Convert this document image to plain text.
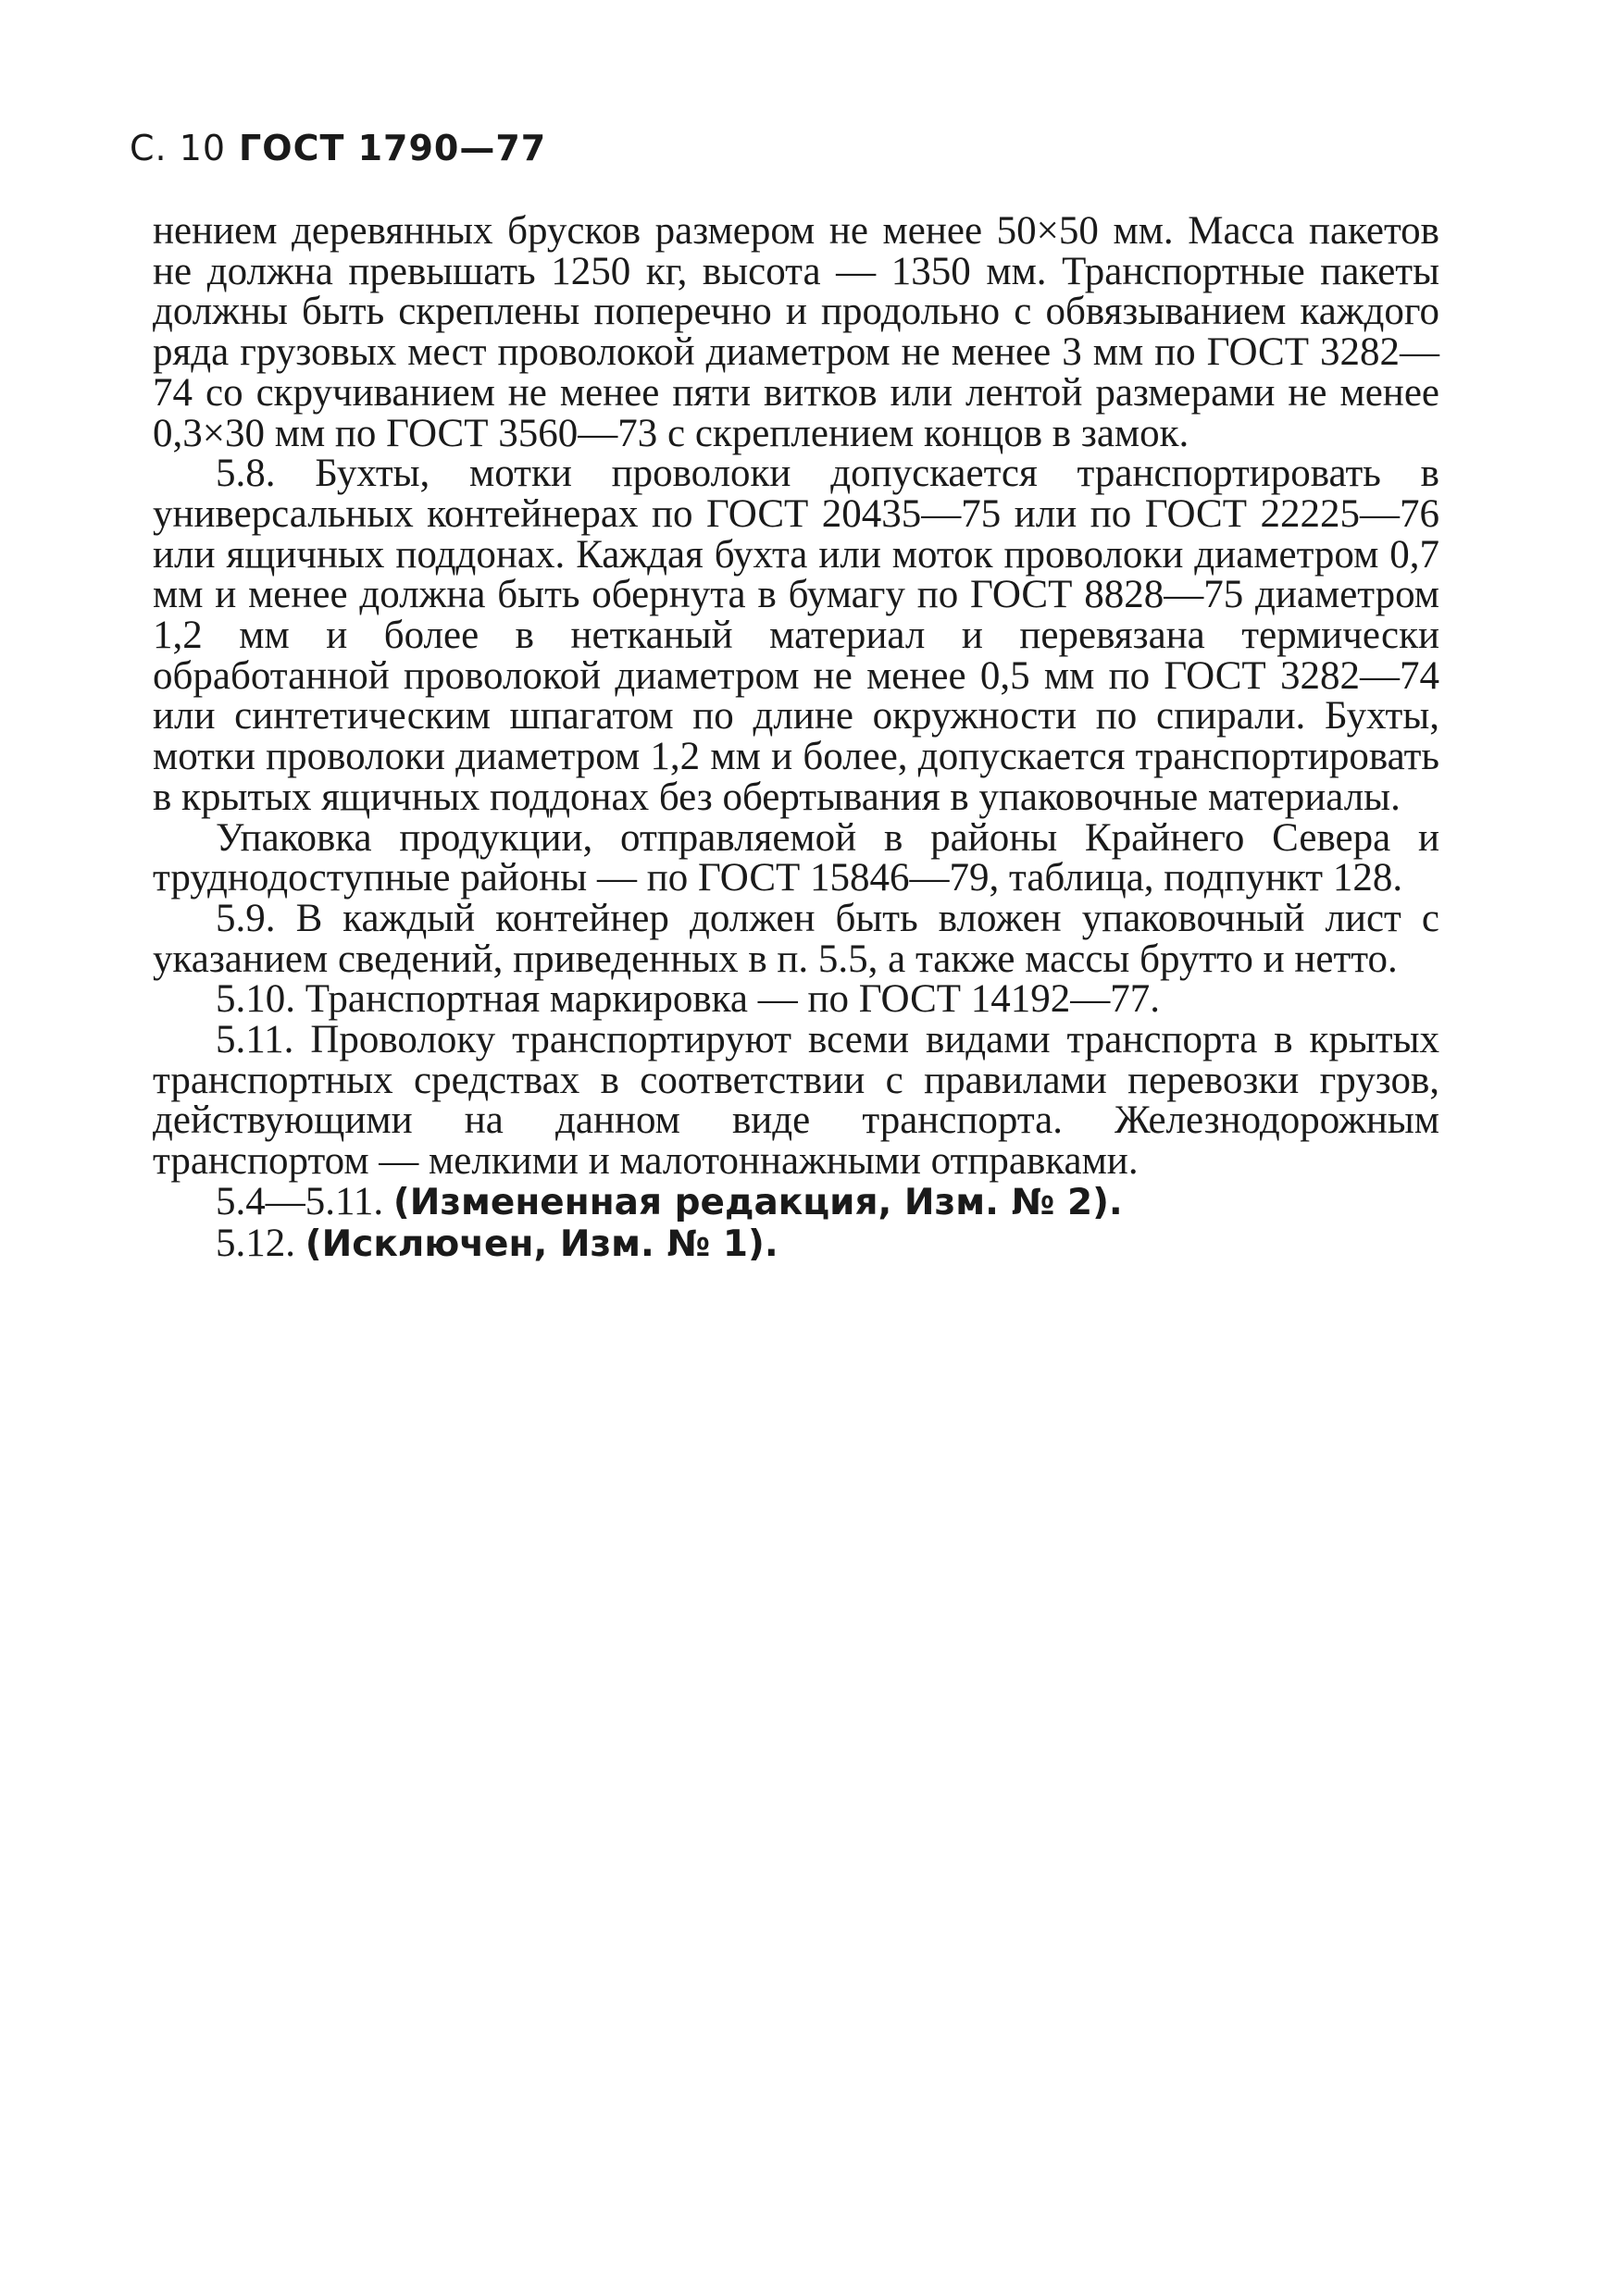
С. 10 ГОСТ 1790—77

нением деревянных брусков размером не менее 50×50 мм. Масса пакетов не должна превышать 1250 кг, высота — 1350 мм. Транспортные пакеты должны быть скреплены поперечно и продольно с обвязыванием каждого ряда грузовых мест проволокой диаметром не менее 3 мм по ГОСТ 3282—74 со скручиванием не менее пяти витков или лентой размерами не менее 0,3×30 мм по ГОСТ 3560—73 с скреплением концов в замок.

5.8. Бухты, мотки проволоки допускается транспортировать в универсальных контейнерах по ГОСТ 20435—75 или по ГОСТ 22225—76 или ящичных поддонах. Каждая бухта или моток проволоки диаметром 0,7 мм и менее должна быть обернута в бумагу по ГОСТ 8828—75 диаметром 1,2 мм и более в нетканый материал и перевязана термически обработанной проволокой диаметром не менее 0,5 мм по ГОСТ 3282—74 или синтетическим шпагатом по длине окружности по спирали. Бухты, мотки проволоки диаметром 1,2 мм и более, допускается транспортировать в крытых ящичных поддонах без обертывания в упаковочные материалы.

Упаковка продукции, отправляемой в районы Крайнего Севера и труднодоступные районы — по ГОСТ 15846—79, таблица, подпункт 128.

5.9. В каждый контейнер должен быть вложен упаковочный лист с указанием сведений, приведенных в п. 5.5, а также массы брутто и нетто.

5.10. Транспортная маркировка — по ГОСТ 14192—77.

5.11. Проволоку транспортируют всеми видами транспорта в крытых транспортных средствах в соответствии с правилами перевозки грузов, действующими на данном виде транспорта. Железнодорожным транспортом — мелкими и малотоннажными отправками.

5.4—5.11. (Измененная редакция, Изм. № 2).

5.12. (Исключен, Изм. № 1).
